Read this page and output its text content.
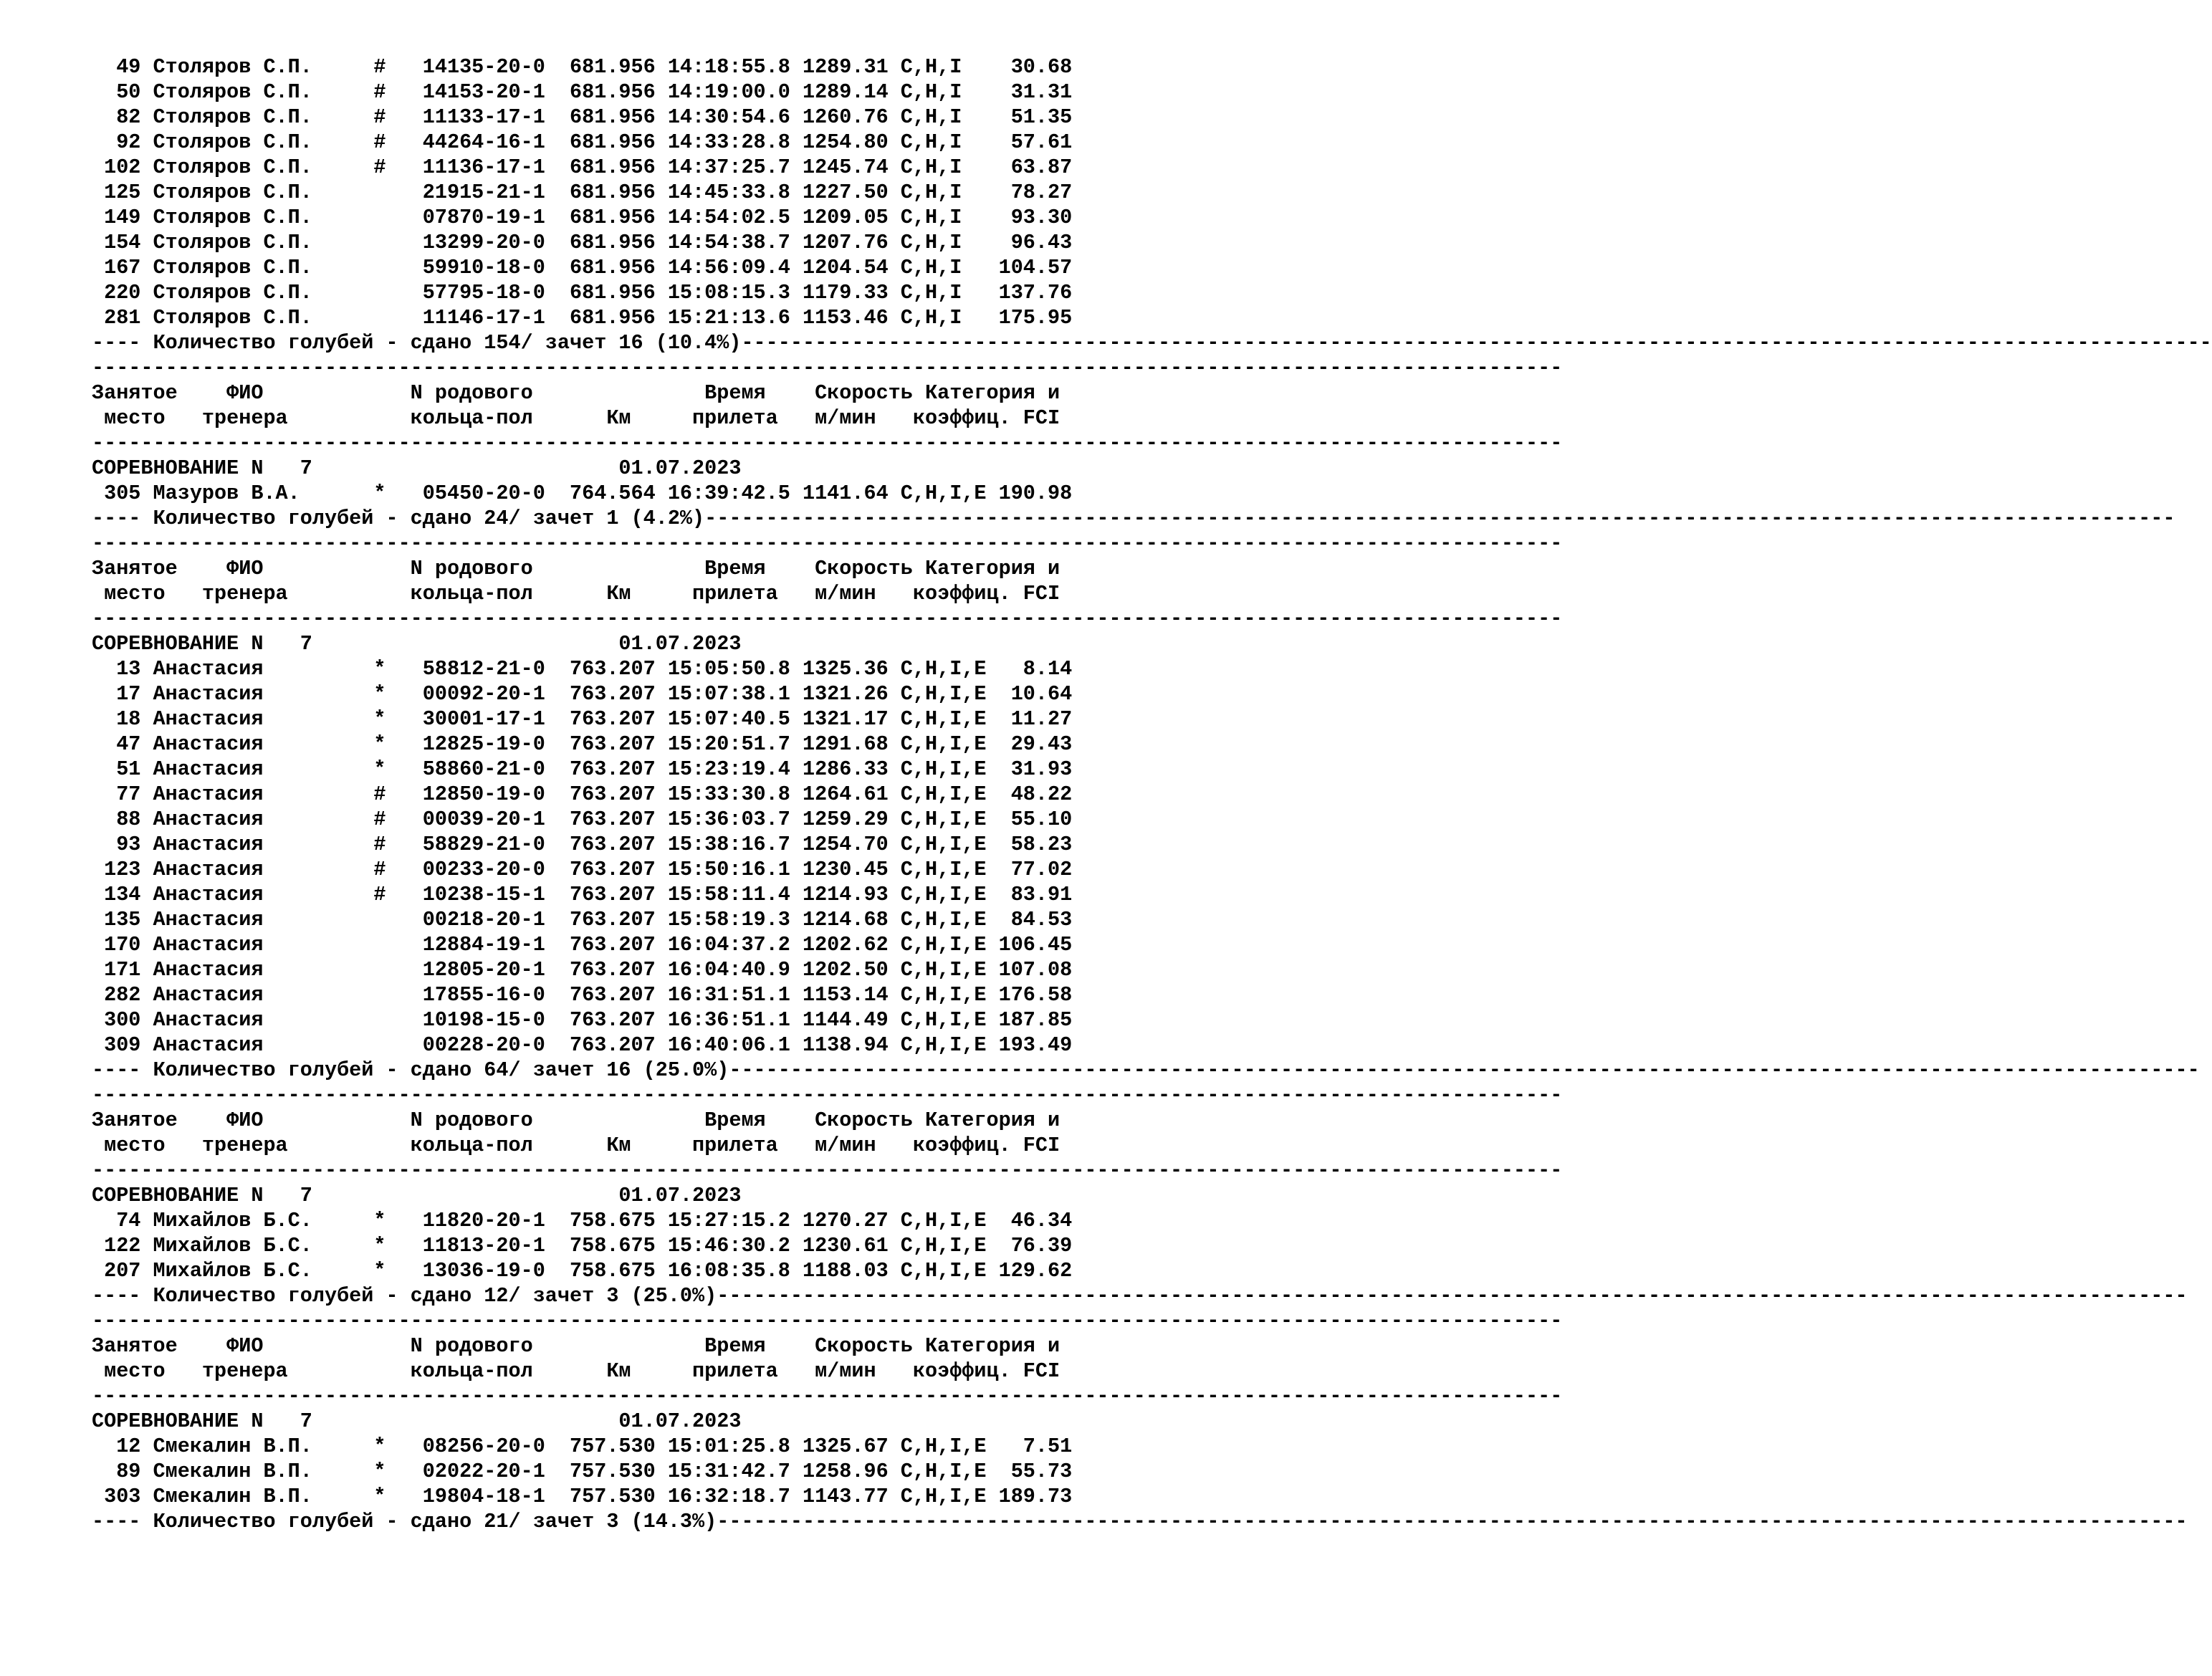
49 Столяров С.П.     #   14135-20-0  681.956 14:18:55.8 1289.31 C,H,I    30.68
50 Столяров С.П.     #   14153-20-1  681.956 14:19:00.0 1289.14 C,H,I    31.31
82 Столяров С.П.     #   11133-17-1  681.956 14:30:54.6 1260.76 C,H,I    51.35
92 Столяров С.П.     #   44264-16-1  681.956 14:33:28.8 1254.80 C,H,I    57.61
102 Столяров С.П.     #   11136-17-1  681.956 14:37:25.7 1245.74 C,H,I    63.87
125 Столяров С.П.         21915-21-1  681.956 14:45:33.8 1227.50 C,H,I    78.27
149 Столяров С.П.         07870-19-1  681.956 14:54:02.5 1209.05 C,H,I    93.30
154 Столяров С.П.         13299-20-0  681.956 14:54:38.7 1207.76 C,H,I    96.43
167 Столяров С.П.         59910-18-0  681.956 14:56:09.4 1204.54 C,H,I   104.57
220 Столяров С.П.         57795-18-0  681.956 15:08:15.3 1179.33 C,H,I   137.76
281 Столяров С.П.         11146-17-1  681.956 15:21:13.6 1153.46 C,H,I   175.95
---- Количество голубей - сдано 154/ зачет 16 (10.4%)------------------------------------------------------------------------------------------------------------------------
------------------------------------------------------------------------------------------------------------------------
Занятое    ФИО            N родового              Время    Скорость Категория и
место   тренера          кольца-пол      Км     прилета   м/мин   коэффиц. FCI
------------------------------------------------------------------------------------------------------------------------
СОРЕВНОВАНИЕ N   7                         01.07.2023
305 Мазуров В.А.      *   05450-20-0  764.564 16:39:42.5 1141.64 C,H,I,E 190.98
---- Количество голубей - сдано 24/ зачет 1 (4.2%)------------------------------------------------------------------------------------------------------------------------
------------------------------------------------------------------------------------------------------------------------
Занятое    ФИО            N родового              Время    Скорость Категория и
место   тренера          кольца-пол      Км     прилета   м/мин   коэффиц. FCI
------------------------------------------------------------------------------------------------------------------------
СОРЕВНОВАНИЕ N   7                         01.07.2023
13 Анастасия         *   58812-21-0  763.207 15:05:50.8 1325.36 C,H,I,E   8.14
17 Анастасия         *   00092-20-1  763.207 15:07:38.1 1321.26 C,H,I,E  10.64
18 Анастасия         *   30001-17-1  763.207 15:07:40.5 1321.17 C,H,I,E  11.27
47 Анастасия         *   12825-19-0  763.207 15:20:51.7 1291.68 C,H,I,E  29.43
51 Анастасия         *   58860-21-0  763.207 15:23:19.4 1286.33 C,H,I,E  31.93
77 Анастасия         #   12850-19-0  763.207 15:33:30.8 1264.61 C,H,I,E  48.22
88 Анастасия         #   00039-20-1  763.207 15:36:03.7 1259.29 C,H,I,E  55.10
93 Анастасия         #   58829-21-0  763.207 15:38:16.7 1254.70 C,H,I,E  58.23
123 Анастасия         #   00233-20-0  763.207 15:50:16.1 1230.45 C,H,I,E  77.02
134 Анастасия         #   10238-15-1  763.207 15:58:11.4 1214.93 C,H,I,E  83.91
135 Анастасия             00218-20-1  763.207 15:58:19.3 1214.68 C,H,I,E  84.53
170 Анастасия             12884-19-1  763.207 16:04:37.2 1202.62 C,H,I,E 106.45
171 Анастасия             12805-20-1  763.207 16:04:40.9 1202.50 C,H,I,E 107.08
282 Анастасия             17855-16-0  763.207 16:31:51.1 1153.14 C,H,I,E 176.58
300 Анастасия             10198-15-0  763.207 16:36:51.1 1144.49 C,H,I,E 187.85
309 Анастасия             00228-20-0  763.207 16:40:06.1 1138.94 C,H,I,E 193.49
---- Количество голубей - сдано 64/ зачет 16 (25.0%)------------------------------------------------------------------------------------------------------------------------
------------------------------------------------------------------------------------------------------------------------
Занятое    ФИО            N родового              Время    Скорость Категория и
место   тренера          кольца-пол      Км     прилета   м/мин   коэффиц. FCI
------------------------------------------------------------------------------------------------------------------------
СОРЕВНОВАНИЕ N   7                         01.07.2023
74 Михайлов Б.С.     *   11820-20-1  758.675 15:27:15.2 1270.27 C,H,I,E  46.34
122 Михайлов Б.С.     *   11813-20-1  758.675 15:46:30.2 1230.61 C,H,I,E  76.39
207 Михайлов Б.С.     *   13036-19-0  758.675 16:08:35.8 1188.03 C,H,I,E 129.62
---- Количество голубей - сдано 12/ зачет 3 (25.0%)------------------------------------------------------------------------------------------------------------------------
------------------------------------------------------------------------------------------------------------------------
Занятое    ФИО            N родового              Время    Скорость Категория и
место   тренера          кольца-пол      Км     прилета   м/мин   коэффиц. FCI
------------------------------------------------------------------------------------------------------------------------
СОРЕВНОВАНИЕ N   7                         01.07.2023
12 Смекалин В.П.     *   08256-20-0  757.530 15:01:25.8 1325.67 C,H,I,E   7.51
89 Смекалин В.П.     *   02022-20-1  757.530 15:31:42.7 1258.96 C,H,I,E  55.73
303 Смекалин В.П.     *   19804-18-1  757.530 16:32:18.7 1143.77 C,H,I,E 189.73
---- Количество голубей - сдано 21/ зачет 3 (14.3%)------------------------------------------------------------------------------------------------------------------------
